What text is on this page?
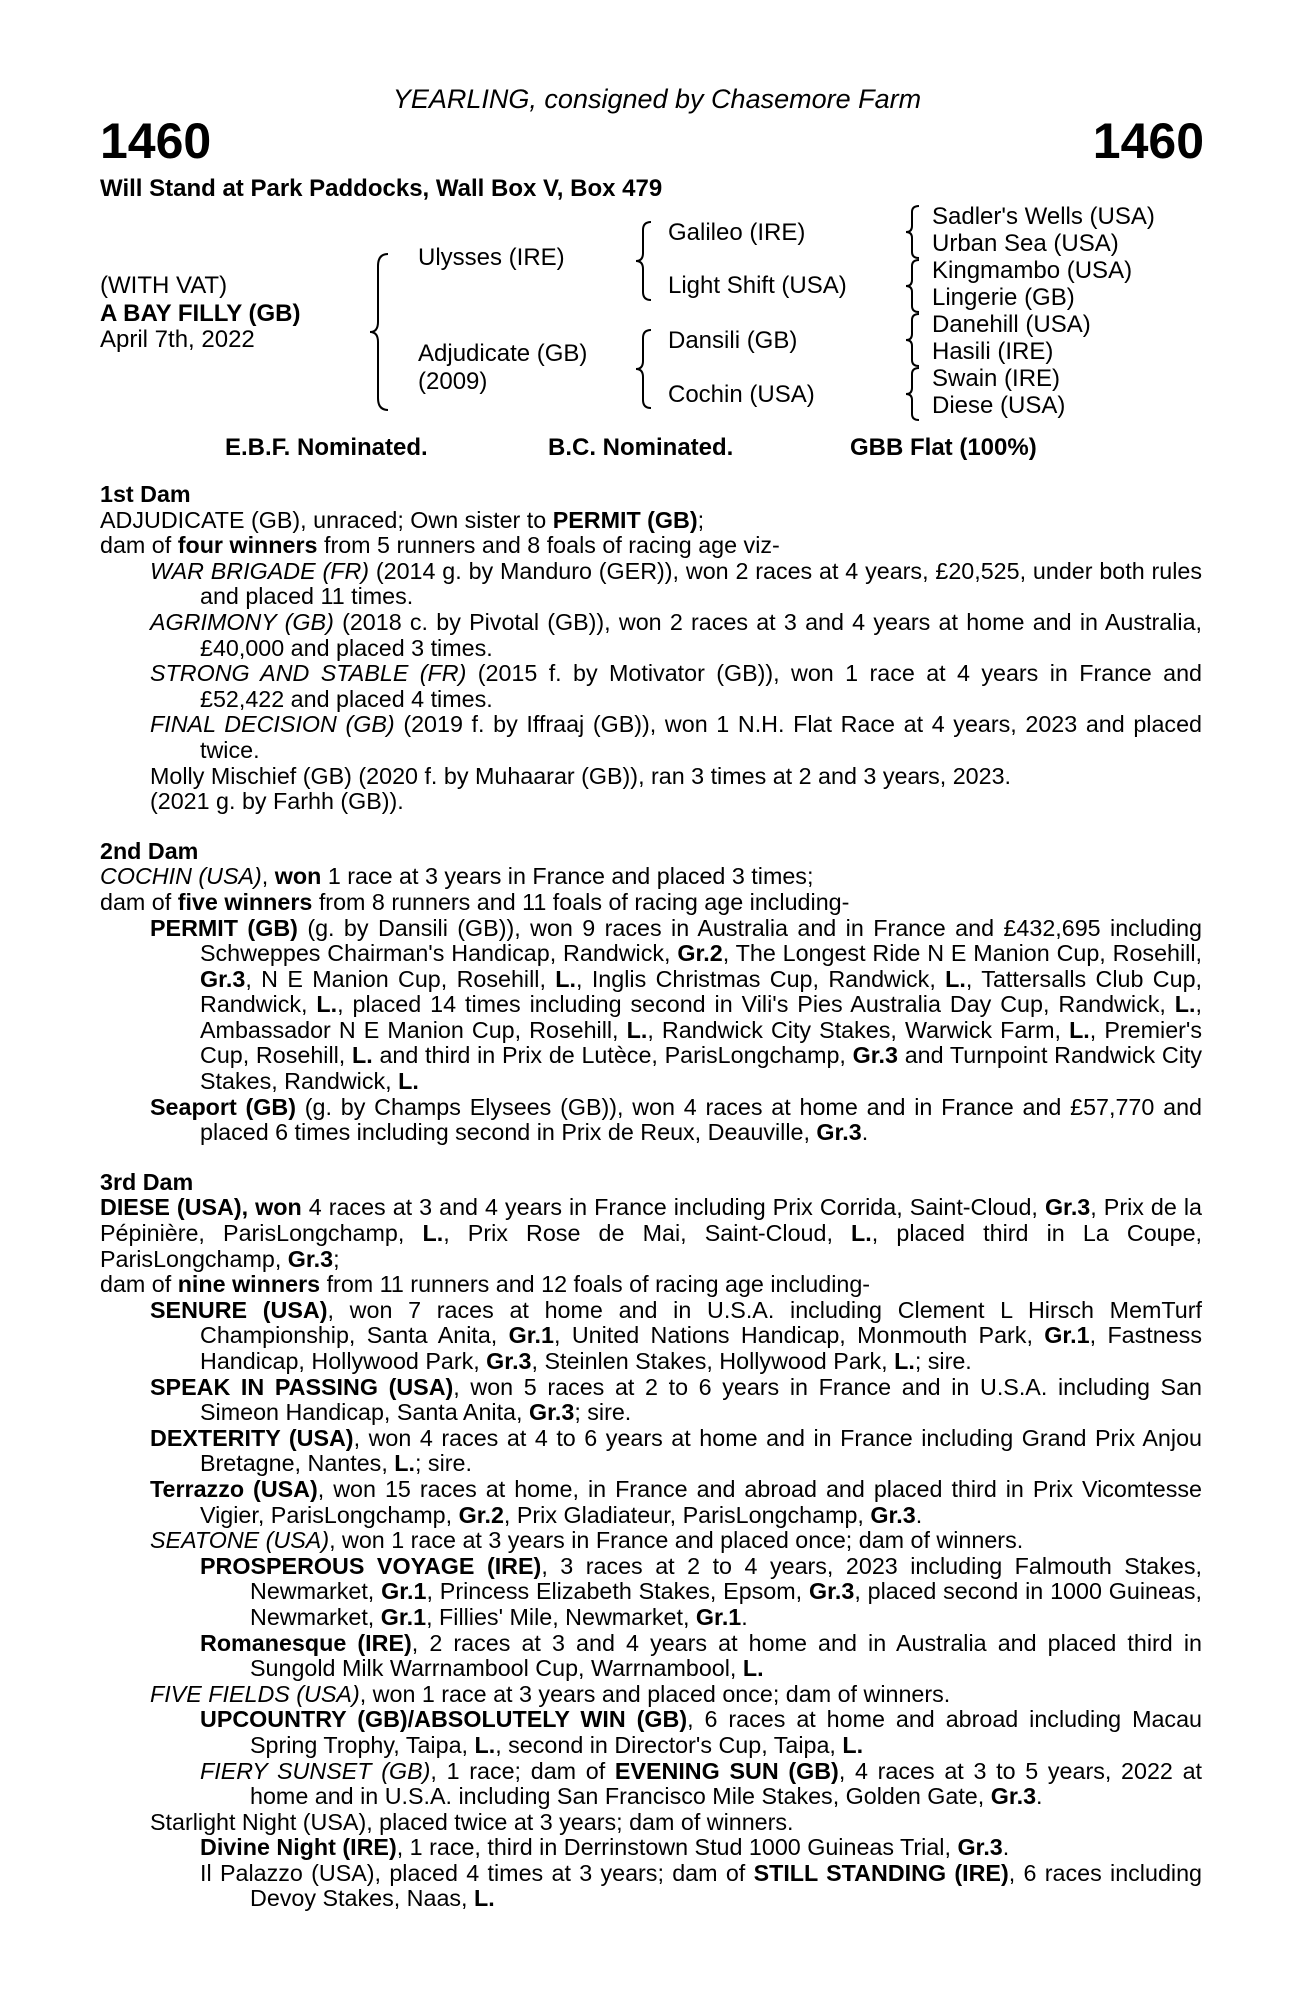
YEARLING, consigned by Chasemore Farm
1460	1460
Will Stand at Park Paddocks, Wall Box V, Box 479
(WITH VAT)
A BAY FILLY (GB)
April 7th, 2022
Ulysses (IRE)
Adjudicate (GB)
(2009)
Galileo (IRE)
Light Shift (USA)
Dansili (GB)
Cochin (USA)
Sadler's Wells (USA)
Urban Sea (USA)
Kingmambo (USA)
Lingerie (GB)
Danehill (USA)
Hasili (IRE)
Swain (IRE)
Diese (USA)
E.B.F. Nominated.	B.C. Nominated.	GBB Flat (100%)
1st Dam
ADJUDICATE (GB), unraced; Own sister to PERMIT (GB);
dam of four winners from 5 runners and 8 foals of racing age viz-
WAR BRIGADE (FR) (2014 g. by Manduro (GER)), won 2 races at 4 years, £20,525, under both rules and placed 11 times.
AGRIMONY (GB) (2018 c. by Pivotal (GB)), won 2 races at 3 and 4 years at home and in Australia, £40,000 and placed 3 times.
STRONG AND STABLE (FR) (2015 f. by Motivator (GB)), won 1 race at 4 years in France and £52,422 and placed 4 times.
FINAL DECISION (GB) (2019 f. by Iffraaj (GB)), won 1 N.H. Flat Race at 4 years, 2023 and placed twice.
Molly Mischief (GB) (2020 f. by Muhaarar (GB)), ran 3 times at 2 and 3 years, 2023.
(2021 g. by Farhh (GB)).
2nd Dam
COCHIN (USA), won 1 race at 3 years in France and placed 3 times;
dam of five winners from 8 runners and 11 foals of racing age including-
PERMIT (GB) (g. by Dansili (GB)), won 9 races in Australia and in France and £432,695 including Schweppes Chairman's Handicap, Randwick, Gr.2, The Longest Ride N E Manion Cup, Rosehill, Gr.3, N E Manion Cup, Rosehill, L., Inglis Christmas Cup, Randwick, L., Tattersalls Club Cup, Randwick, L., placed 14 times including second in Vili's Pies Australia Day Cup, Randwick, L., Ambassador N E Manion Cup, Rosehill, L., Randwick City Stakes, Warwick Farm, L., Premier's Cup, Rosehill, L. and third in Prix de Lutèce, ParisLongchamp, Gr.3 and Turnpoint Randwick City Stakes, Randwick, L.
Seaport (GB) (g. by Champs Elysees (GB)), won 4 races at home and in France and £57,770 and placed 6 times including second in Prix de Reux, Deauville, Gr.3.
3rd Dam
DIESE (USA), won 4 races at 3 and 4 years in France including Prix Corrida, Saint-Cloud, Gr.3, Prix de la Pépinière, ParisLongchamp, L., Prix Rose de Mai, Saint-Cloud, L., placed third in La Coupe, ParisLongchamp, Gr.3;
dam of nine winners from 11 runners and 12 foals of racing age including-
SENURE (USA), won 7 races at home and in U.S.A. including Clement L Hirsch MemTurf Championship, Santa Anita, Gr.1, United Nations Handicap, Monmouth Park, Gr.1, Fastness Handicap, Hollywood Park, Gr.3, Steinlen Stakes, Hollywood Park, L.; sire.
SPEAK IN PASSING (USA), won 5 races at 2 to 6 years in France and in U.S.A. including San Simeon Handicap, Santa Anita, Gr.3; sire.
DEXTERITY (USA), won 4 races at 4 to 6 years at home and in France including Grand Prix Anjou Bretagne, Nantes, L.; sire.
Terrazzo (USA), won 15 races at home, in France and abroad and placed third in Prix Vicomtesse Vigier, ParisLongchamp, Gr.2, Prix Gladiateur, ParisLongchamp, Gr.3.
SEATONE (USA), won 1 race at 3 years in France and placed once; dam of winners.
PROSPEROUS VOYAGE (IRE), 3 races at 2 to 4 years, 2023 including Falmouth Stakes, Newmarket, Gr.1, Princess Elizabeth Stakes, Epsom, Gr.3, placed second in 1000 Guineas, Newmarket, Gr.1, Fillies' Mile, Newmarket, Gr.1.
Romanesque (IRE), 2 races at 3 and 4 years at home and in Australia and placed third in Sungold Milk Warrnambool Cup, Warrnambool, L.
FIVE FIELDS (USA), won 1 race at 3 years and placed once; dam of winners.
UPCOUNTRY (GB)/ABSOLUTELY WIN (GB), 6 races at home and abroad including Macau Spring Trophy, Taipa, L., second in Director's Cup, Taipa, L.
FIERY SUNSET (GB), 1 race; dam of EVENING SUN (GB), 4 races at 3 to 5 years, 2022 at home and in U.S.A. including San Francisco Mile Stakes, Golden Gate, Gr.3.
Starlight Night (USA), placed twice at 3 years; dam of winners.
Divine Night (IRE), 1 race, third in Derrinstown Stud 1000 Guineas Trial, Gr.3.
Il Palazzo (USA), placed 4 times at 3 years; dam of STILL STANDING (IRE), 6 races including Devoy Stakes, Naas, L.
